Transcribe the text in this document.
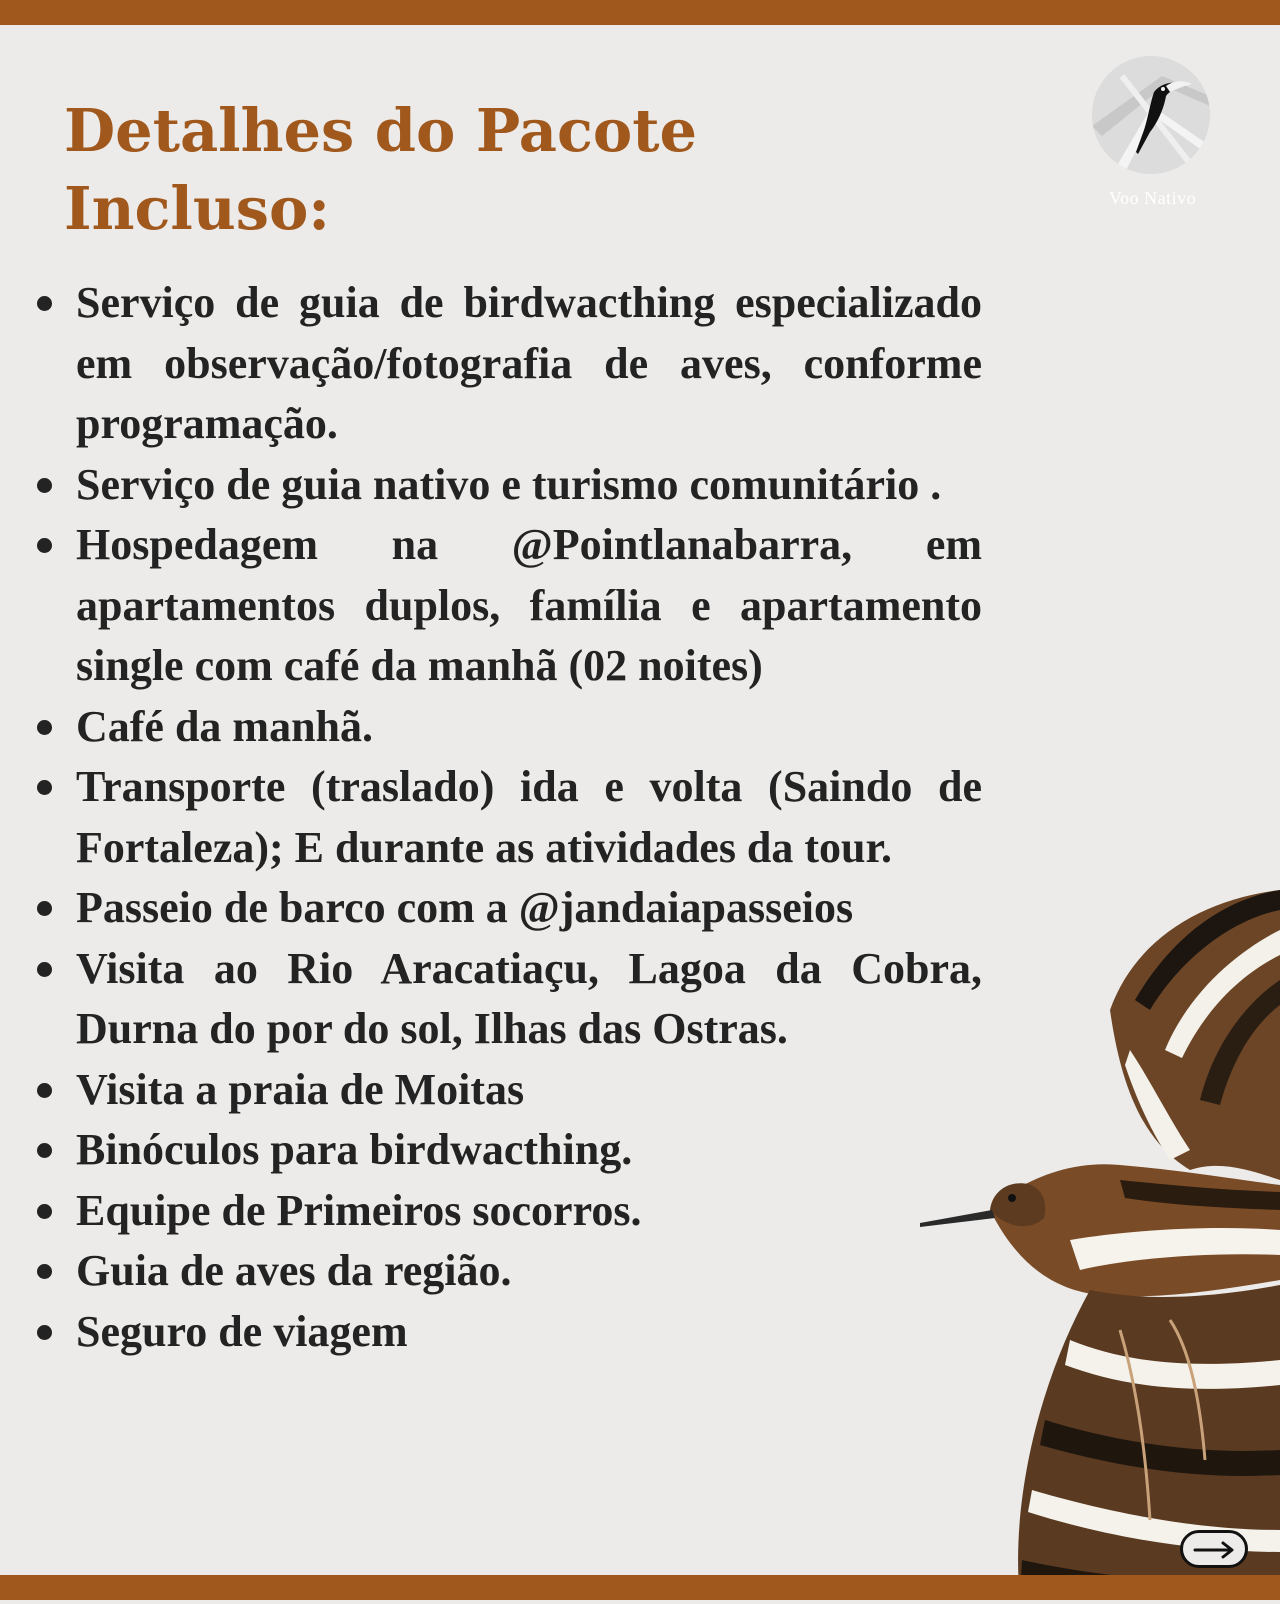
Detalhes do Pacote
Incluso:	Voo Nativo
Serviço de guia de birdwacthing especializado em observação/fotografia de aves, conforme programação.
Serviço de guia nativo e turismo comunitário .
Hospedagem na @Pointlanabarra, em apartamentos duplos, família e apartamento single com café da manhã (02 noites)
Café da manhã.
Transporte (traslado) ida e volta (Saindo de Fortaleza); E durante as atividades da tour.
Passeio de barco com a @jandaiapasseios
Visita ao Rio Aracatiaçu, Lagoa da Cobra, Durna do por do sol, Ilhas das Ostras.
Visita a praia de Moitas
Binóculos para birdwacthing.
Equipe de Primeiros socorros.
Guia de aves da região.
Seguro de viagem
